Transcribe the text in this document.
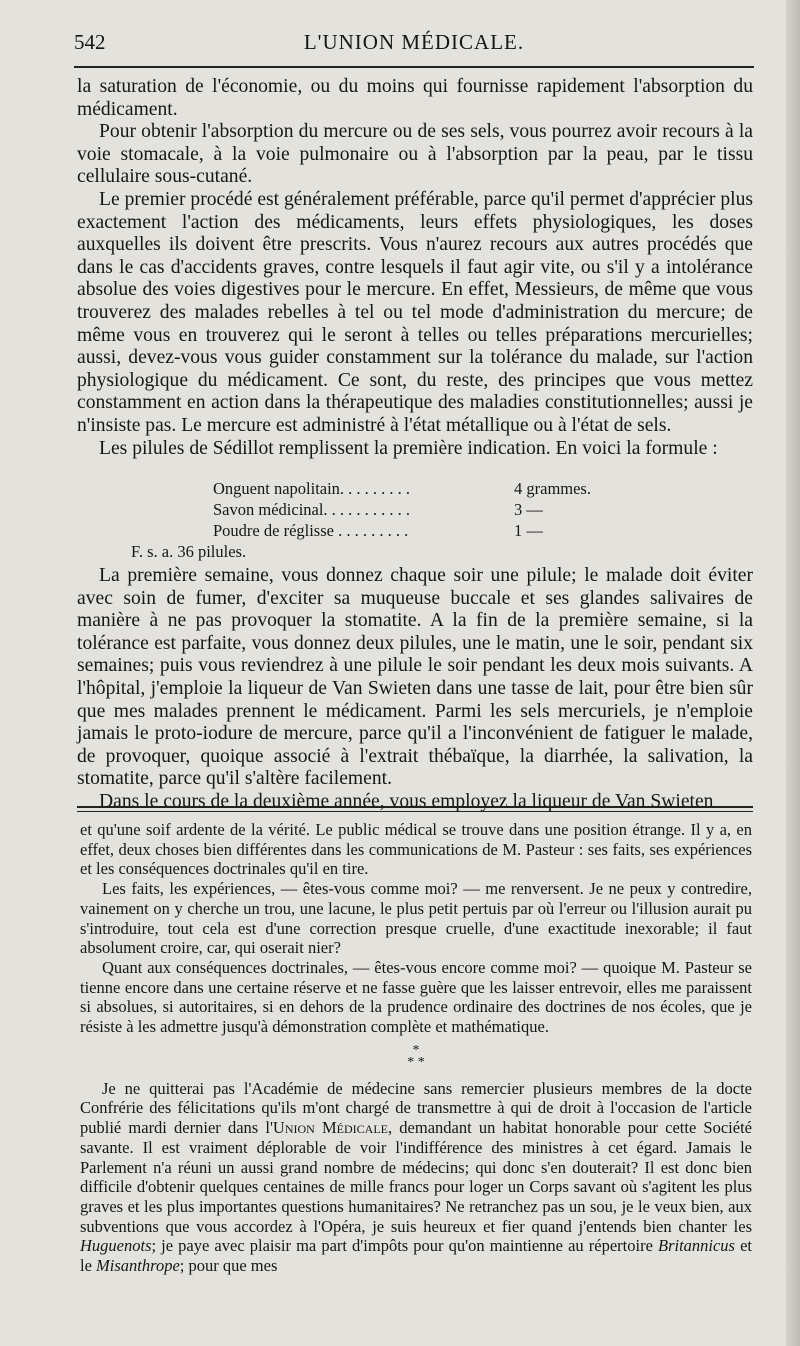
542	L'UNION MÉDICALE.

la saturation de l'économie, ou du moins qui fournisse rapidement l'absorption du médicament.

Pour obtenir l'absorption du mercure ou de ses sels, vous pourrez avoir recours à la voie stomacale, à la voie pulmonaire ou à l'absorption par la peau, par le tissu cellulaire sous-cutané.

Le premier procédé est généralement préférable, parce qu'il permet d'apprécier plus exactement l'action des médicaments, leurs effets physiologiques, les doses auxquelles ils doivent être prescrits. Vous n'aurez recours aux autres procédés que dans le cas d'accidents graves, contre lesquels il faut agir vite, ou s'il y a intolérance absolue des voies digestives pour le mercure. En effet, Messieurs, de même que vous trouverez des malades rebelles à tel ou tel mode d'administration du mercure; de même vous en trouverez qui le seront à telles ou telles préparations mercurielles; aussi, devez-vous vous guider constamment sur la tolérance du malade, sur l'action physiologique du médicament. Ce sont, du reste, des principes que vous mettez constamment en action dans la thérapeutique des maladies constitutionnelles; aussi je n'insiste pas. Le mercure est administré à l'état métallique ou à l'état de sels.

Les pilules de Sédillot remplissent la première indication. En voici la formule :

Onguent napolitain. . . . . . . . .	4 grammes.
Savon médicinal. . . . . . . . . . .	3 —
Poudre de réglisse . . . . . . . . .	1 —
F. s. a. 36 pilules.

La première semaine, vous donnez chaque soir une pilule; le malade doit éviter avec soin de fumer, d'exciter sa muqueuse buccale et ses glandes salivaires de manière à ne pas provoquer la stomatite. A la fin de la première semaine, si la tolérance est parfaite, vous donnez deux pilules, une le matin, une le soir, pendant six semaines; puis vous reviendrez à une pilule le soir pendant les deux mois suivants. A l'hôpital, j'emploie la liqueur de Van Swieten dans une tasse de lait, pour être bien sûr que mes malades prennent le médicament. Parmi les sels mercuriels, je n'emploie jamais le proto-iodure de mercure, parce qu'il a l'inconvénient de fatiguer le malade, de provoquer, quoique associé à l'extrait thébaïque, la diarrhée, la salivation, la stomatite, parce qu'il s'altère facilement.

Dans le cours de la deuxième année, vous employez la liqueur de Van Swieten

et qu'une soif ardente de la vérité. Le public médical se trouve dans une position étrange. Il y a, en effet, deux choses bien différentes dans les communications de M. Pasteur : ses faits, ses expériences et les conséquences doctrinales qu'il en tire.

Les faits, les expériences, — êtes-vous comme moi? — me renversent. Je ne peux y contredire, vainement on y cherche un trou, une lacune, le plus petit pertuis par où l'erreur ou l'illusion aurait pu s'introduire, tout cela est d'une correction presque cruelle, d'une exactitude inexorable; il faut absolument croire, car, qui oserait nier?

Quant aux conséquences doctrinales, — êtes-vous encore comme moi? — quoique M. Pasteur se tienne encore dans une certaine réserve et ne fasse guère que les laisser entrevoir, elles me paraissent si absolues, si autoritaires, si en dehors de la prudence ordinaire des doctrines de nos écoles, que je résiste à les admettre jusqu'à démonstration complète et mathématique.

*
* *

Je ne quitterai pas l'Académie de médecine sans remercier plusieurs membres de la docte Confrérie des félicitations qu'ils m'ont chargé de transmettre à qui de droit à l'occasion de l'article publié mardi dernier dans l'Union Médicale, demandant un habitat honorable pour cette Société savante. Il est vraiment déplorable de voir l'indifférence des ministres à cet égard. Jamais le Parlement n'a réuni un aussi grand nombre de médecins; qui donc s'en douterait? Il est donc bien difficile d'obtenir quelques centaines de mille francs pour loger un Corps savant où s'agitent les plus graves et les plus importantes questions humanitaires? Ne retranchez pas un sou, je le veux bien, aux subventions que vous accordez à l'Opéra, je suis heureux et fier quand j'entends bien chanter les Huguenots; je paye avec plaisir ma part d'impôts pour qu'on maintienne au répertoire Britannicus et le Misanthrope; pour que mes
